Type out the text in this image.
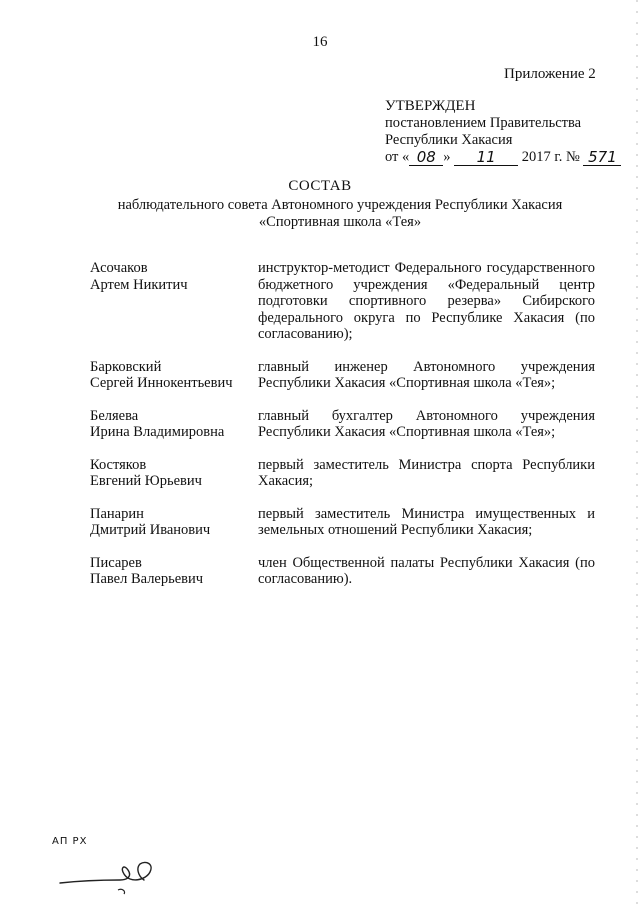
16
Приложение 2
УТВЕРЖДЕН
постановлением Правительства
Республики Хакасия
от « 08 » 11 2017 г. № 571
СОСТАВ
наблюдательного совета Автономного учреждения Республики Хакасия
«Спортивная школа «Тея»
Асочаков
Артем Никитич
инструктор-методист Федерального государственного бюджетного учреждения «Федеральный центр подготовки спортивного резерва» Сибирского федерального округа по Республике Хакасия (по согласованию);
Барковский
Сергей Иннокентьевич
главный инженер Автономного учреждения Республики Хакасия «Спортивная школа «Тея»;
Беляева
Ирина Владимировна
главный бухгалтер Автономного учреждения Республики Хакасия «Спортивная школа «Тея»;
Костяков
Евгений Юрьевич
первый заместитель Министра спорта Республики Хакасия;
Панарин
Дмитрий Иванович
первый заместитель Министра имущественных и земельных отношений Республики Хакасия;
Писарев
Павел Валерьевич
член Общественной палаты Республики Хакасия (по согласованию).
АП РХ
